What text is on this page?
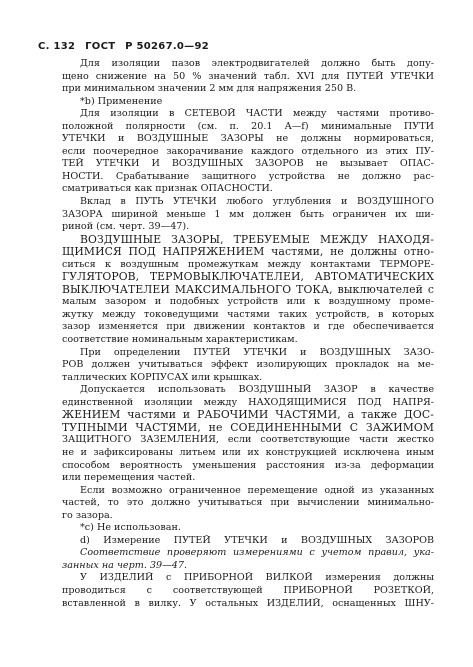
С. 132 ГОСТ Р 50267.0—92
Для изоляции пазов электродвигателей должно быть допу-
щено снижение на 50 % значений табл. XVI для ПУТЕЙ УТЕЧКИ
при минимальном значении 2 мм для напряжения 250 В.
*b) Применение
Для изоляции в СЕТЕВОЙ ЧАСТИ между частями противо-
положной полярности (см. п. 20.1 A—f) минимальные ПУТИ
УТЕЧКИ и ВОЗДУШНЫЕ ЗАЗОРЫ не должны нормироваться,
если поочередное закорачивание каждого отдельного из этих ПУ-
ТЕЙ УТЕЧКИ И ВОЗДУШНЫХ ЗАЗОРОВ не вызывает ОПАС-
НОСТИ. Срабатывание защитного устройства не должно рас-
сматриваться как признак ОПАСНОСТИ.
Вклад в ПУТЬ УТЕЧКИ любого углубления и ВОЗДУШНОГО
ЗАЗОРА шириной меньше 1 мм должен быть ограничен их ши-
риной (см. черт. 39—47).
ВОЗДУШНЫЕ ЗАЗОРЫ, ТРЕБУЕМЫЕ МЕЖДУ НАХОДЯ-
ЩИМИСЯ ПОД НАПРЯЖЕНИЕМ частями, не должны отно-
ситься к воздушным промежуткам между контактами ТЕРМОРЕ-
ГУЛЯТОРОВ, ТЕРМОВЫКЛЮЧАТЕЛЕЙ, АВТОМАТИЧЕСКИХ
ВЫКЛЮЧАТЕЛЕЙ МАКСИМАЛЬНОГО ТОКА, выключателей с
малым зазором и подобных устройств или к воздушному проме-
жутку между токоведущими частями таких устройств, в которых
зазор изменяется при движении контактов и где обеспечивается
соответствие номинальным характеристикам.
При определении ПУТЕЙ УТЕЧКИ и ВОЗДУШНЫХ ЗАЗО-
РОВ должен учитываться эффект изолирующих прокладок на ме-
таллических КОРПУСАХ или крышках.
Допускается использовать ВОЗДУШНЫЙ ЗАЗОР в качестве
единственной изоляции между НАХОДЯЩИМИСЯ ПОД НАПРЯ-
ЖЕНИЕМ частями и РАБОЧИМИ ЧАСТЯМИ, а также ДОС-
ТУПНЫМИ ЧАСТЯМИ, не СОЕДИНЕННЫМИ С ЗАЖИМОМ
ЗАЩИТНОГО ЗАЗЕМЛЕНИЯ, если соответствующие части жестко
не и зафиксированы литьем или их конструкцией исключена иным
способом вероятность уменьшения расстояния из-за деформации
или перемещения частей.
Если возможно ограниченное перемещение одной из указанных
частей, то это должно учитываться при вычислении минимально-
го зазора.
*с) Не использован.
d) Измерение ПУТЕЙ УТЕЧКИ и ВОЗДУШНЫХ ЗАЗОРОВ
Соответствие проверяют измерениями с учетом правил, ука-
занных на черт. 39—47.
У ИЗДЕЛИЙ с ПРИБОРНОЙ ВИЛКОЙ измерения должны
проводиться с соответствующей ПРИБОРНОЙ РОЗЕТКОЙ,
вставленной в вилку. У остальных ИЗДЕЛИЙ, оснащенных ШНУ-
